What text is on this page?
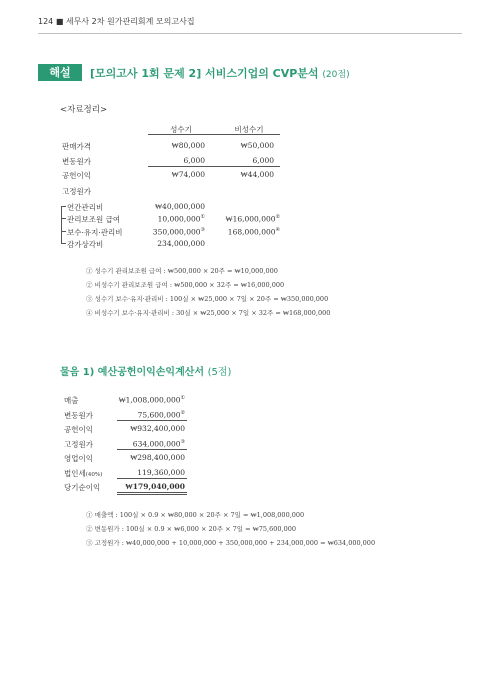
124 ■ 세무사 2차 원가관리회계 모의고사집
해설	[모의고사 1회 문제 2] 서비스기업의 CVP분석 (20점)
<자료정리>
성수기	비성수기
판매가격	₩80,000	₩50,000
변동원가	6,000	6,000
공헌이익	₩74,000	₩44,000
고정원가
연간관리비	₩40,000,000
관리보조원 급여	10,000,000①	₩16,000,000②
보수·유지·관리비	350,000,000③	168,000,000④
감가상각비	234,000,000
① 성수기 관리보조원 급여 : ₩500,000 × 20주 = ₩10,000,000
② 비성수기 관리보조원 급여 : ₩500,000 × 32주 = ₩16,000,000
③ 성수기 보수·유지·관리비 : 100실 × ₩25,000 × 7일 × 20주 = ₩350,000,000
④ 비성수기 보수·유지·관리비 : 30실 × ₩25,000 × 7일 × 32주 = ₩168,000,000
물음 1) 예산공헌이익손익계산서 (5점)
매출	₩1,008,000,000①
변동원가	75,600,000②
공헌이익	₩932,400,000
고정원가	634,000,000③
영업이익	₩298,400,000
법인세(40%)	119,360,000
당기순이익	₩179,040,000
① 매출액 : 100실 × 0.9 × ₩80,000 × 20주 × 7일 = ₩1,008,000,000
② 변동원가 : 100실 × 0.9 × ₩6,000 × 20주 × 7일 = ₩75,600,000
③ 고정원가 : ₩40,000,000 + 10,000,000 + 350,000,000 + 234,000,000 = ₩634,000,000
